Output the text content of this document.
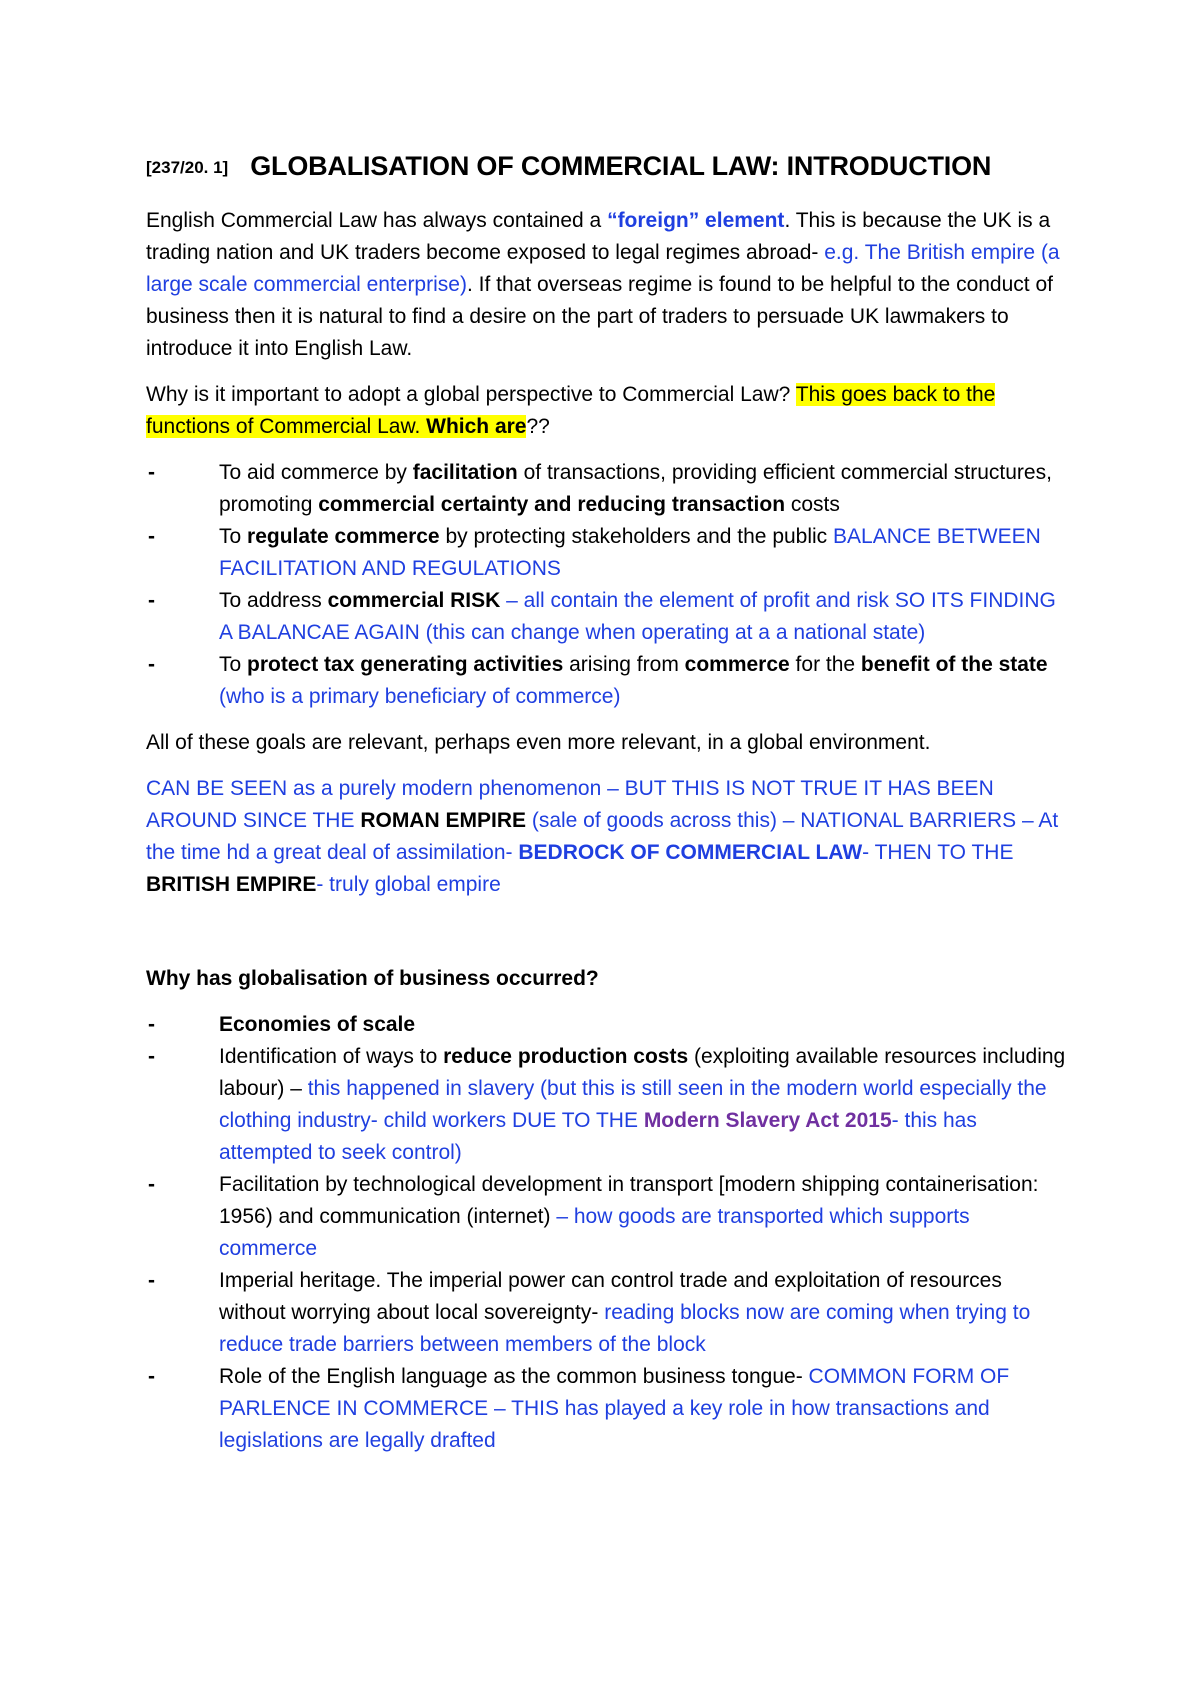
[237/20. 1] GLOBALISATION OF COMMERCIAL LAW: INTRODUCTION

English Commercial Law has always contained a “foreign” element. This is because the UK is a trading nation and UK traders become exposed to legal regimes abroad- e.g. The British empire (a large scale commercial enterprise). If that overseas regime is found to be helpful to the conduct of business then it is natural to find a desire on the part of traders to persuade UK lawmakers to introduce it into English Law.

Why is it important to adopt a global perspective to Commercial Law? This goes back to the functions of Commercial Law. Which are??

- To aid commerce by facilitation of transactions, providing efficient commercial structures, promoting commercial certainty and reducing transaction costs
- To regulate commerce by protecting stakeholders and the public BALANCE BETWEEN FACILITATION AND REGULATIONS
- To address commercial RISK – all contain the element of profit and risk SO ITS FINDING A BALANCAE AGAIN (this can change when operating at a a national state)
- To protect tax generating activities arising from commerce for the benefit of the state (who is a primary beneficiary of commerce)

All of these goals are relevant, perhaps even more relevant, in a global environment.

CAN BE SEEN as a purely modern phenomenon – BUT THIS IS NOT TRUE IT HAS BEEN AROUND SINCE THE ROMAN EMPIRE (sale of goods across this) – NATIONAL BARRIERS – At the time hd a great deal of assimilation- BEDROCK OF COMMERCIAL LAW- THEN TO THE BRITISH EMPIRE- truly global empire

Why has globalisation of business occurred?

- Economies of scale
- Identification of ways to reduce production costs (exploiting available resources including labour) – this happened in slavery (but this is still seen in the modern world especially the clothing industry- child workers DUE TO THE Modern Slavery Act 2015- this has attempted to seek control)
- Facilitation by technological development in transport [modern shipping containerisation: 1956) and communication (internet) – how goods are transported which supports commerce
- Imperial heritage. The imperial power can control trade and exploitation of resources without worrying about local sovereignty- reading blocks now are coming when trying to reduce trade barriers between members of the block
- Role of the English language as the common business tongue- COMMON FORM OF PARLENCE IN COMMERCE – THIS has played a key role in how transactions and legislations are legally drafted
